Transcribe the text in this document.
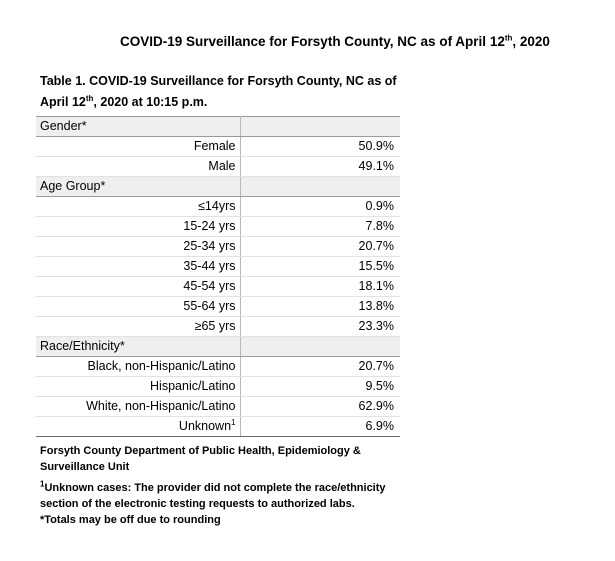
COVID-19 Surveillance for Forsyth County, NC as of April 12th, 2020
Table 1. COVID-19 Surveillance for Forsyth County, NC as of
April 12th, 2020 at 10:15 p.m.
Gender*	
Female	50.9%
Male	49.1%
Age Group*	
≤14yrs	0.9%
15-24 yrs	7.8%
25-34 yrs	20.7%
35-44 yrs	15.5%
45-54 yrs	18.1%
55-64 yrs	13.8%
≥65 yrs	23.3%
Race/Ethnicity*	
Black, non-Hispanic/Latino	20.7%
Hispanic/Latino	9.5%
White, non-Hispanic/Latino	62.9%
Unknown$^1$	6.9%

Forsyth County Department of Public Health, Epidemiology & Surveillance Unit

$^1$Unknown cases: The provider did not complete the race/ethnicity section of the electronic testing requests to authorized labs.
*Totals may be off due to rounding
